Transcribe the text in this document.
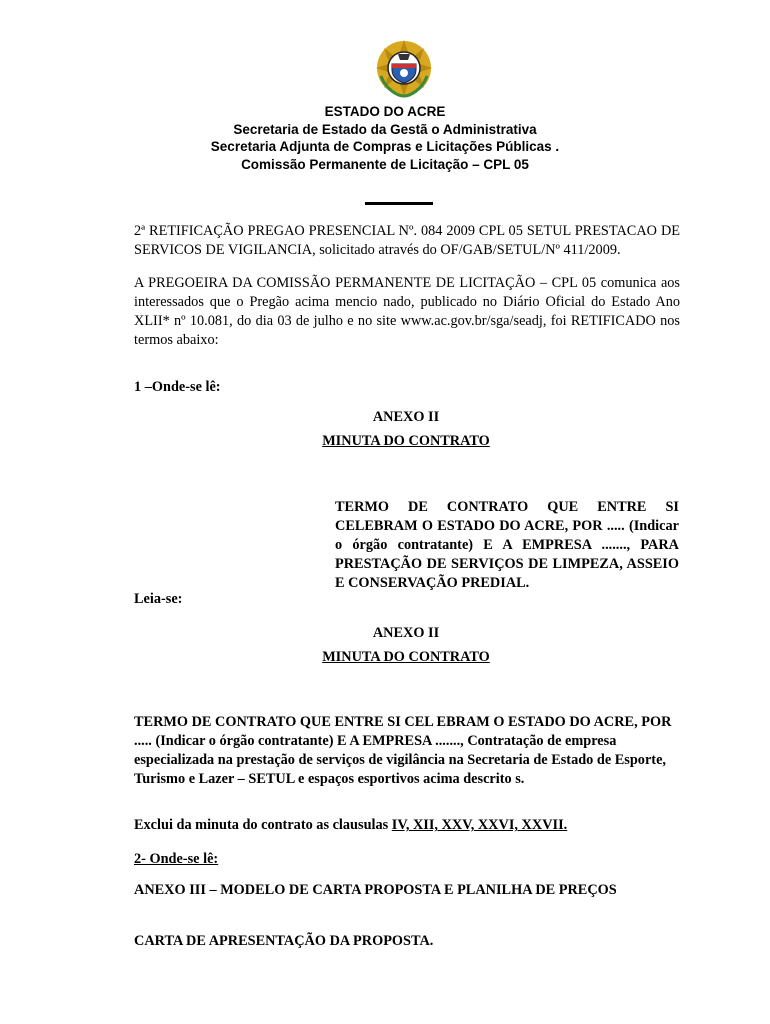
ESTADO DO ACRE
Secretaria de Estado da Gestã o Administrativa
Secretaria Adjunta de Compras e Licitações Públicas .
Comissão Permanente de Licitação – CPL 05
2ª RETIFICAÇÃO PREGAO PRESENCIAL Nº. 084 2009 CPL 05 SETUL PRESTACAO DE
SERVICOS DE VIGILANCIA, solicitado através do OF/GAB/SETUL/Nº 411/2009.
A PREGOEIRA DA COMISSÃO PERMANENTE DE LICITAÇÃO – CPL 05 comunica aos interessados que o Pregão acima mencio nado, publicado no Diário Oficial do Estado Ano XLII* nº 10.081, do dia 03 de julho e no site www.ac.gov.br/sga/seadj, foi RETIFICADO nos termos abaixo:
1 –Onde-se lê:
ANEXO II
MINUTA DO CONTRATO
TERMO DE CONTRATO QUE ENTRE SI CELEBRAM O ESTADO DO ACRE, POR ..... (Indicar o órgão contratante) E A EMPRESA ......., PARA PRESTAÇÃO DE SERVIÇOS DE LIMPEZA, ASSEIO E CONSERVAÇÃO PREDIAL.
Leia-se:
ANEXO II
MINUTA DO CONTRATO
TERMO DE CONTRATO QUE ENTRE SI CEL EBRAM O ESTADO DO ACRE, POR ..... (Indicar o órgão contratante) E A EMPRESA ......., Contratação de empresa especializada na prestação de serviços de vigilância na Secretaria de Estado de Esporte, Turismo e Lazer – SETUL e espaços esportivos acima descrito s.
Exclui da minuta do contrato as clausulas IV, XII, XXV, XXVI, XXVII.
2- Onde-se lê:
ANEXO III – MODELO DE CARTA PROPOSTA E PLANILHA DE PREÇOS
CARTA DE APRESENTAÇÃO DA PROPOSTA.
